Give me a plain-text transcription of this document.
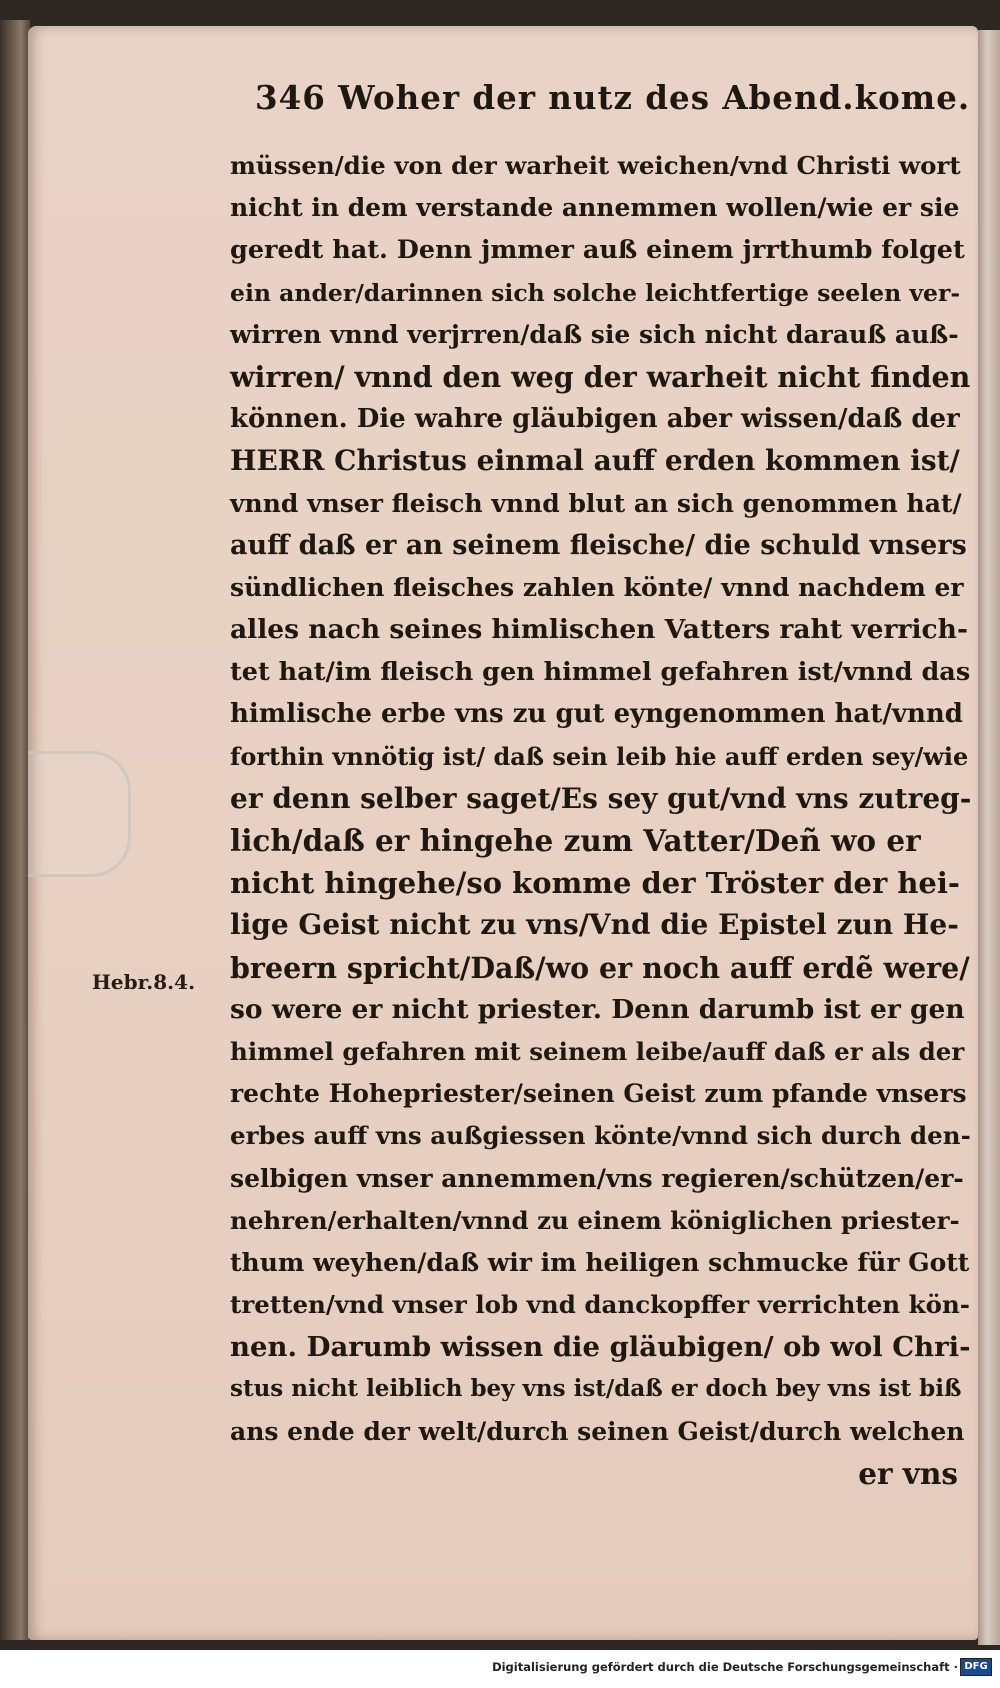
346 Woher der nutz des Abend.kome.
Hebr.8.4.
müssen/die von der warheit weichen/vnd Christi wort
nicht in dem verstande annemmen wollen/wie er sie
geredt hat. Denn jmmer auß einem jrrthumb folget
ein ander/darinnen sich solche leichtfertige seelen ver-
wirren vnnd verjrren/daß sie sich nicht darauß auß-
wirren/ vnnd den weg der warheit nicht finden
können. Die wahre gläubigen aber wissen/daß der
HERR Christus einmal auff erden kommen ist/
vnnd vnser fleisch vnnd blut an sich genommen hat/
auff daß er an seinem fleische/ die schuld vnsers
sündlichen fleisches zahlen könte/ vnnd nachdem er
alles nach seines himlischen Vatters raht verrich-
tet hat/im fleisch gen himmel gefahren ist/vnnd das
himlische erbe vns zu gut eyngenommen hat/vnnd
forthin vnnötig ist/ daß sein leib hie auff erden sey/wie
er denn selber saget/Es sey gut/vnd vns zutreg-
lich/daß er hingehe zum Vatter/Deñ wo er
nicht hingehe/so komme der Tröster der hei-
lige Geist nicht zu vns/Vnd die Epistel zun He-
breern spricht/Daß/wo er noch auff erdẽ were/
so were er nicht priester. Denn darumb ist er gen
himmel gefahren mit seinem leibe/auff daß er als der
rechte Hohepriester/seinen Geist zum pfande vnsers
erbes auff vns außgiessen könte/vnnd sich durch den-
selbigen vnser annemmen/vns regieren/schützen/er-
nehren/erhalten/vnnd zu einem königlichen priester-
thum weyhen/daß wir im heiligen schmucke für Gott
tretten/vnd vnser lob vnd danckopffer verrichten kön-
nen. Darumb wissen die gläubigen/ ob wol Chri-
stus nicht leiblich bey vns ist/daß er doch bey vns ist biß
ans ende der welt/durch seinen Geist/durch welchen
er vns
Digitalisierung gefördert durch die Deutsche Forschungsgemeinschaft · DFG
